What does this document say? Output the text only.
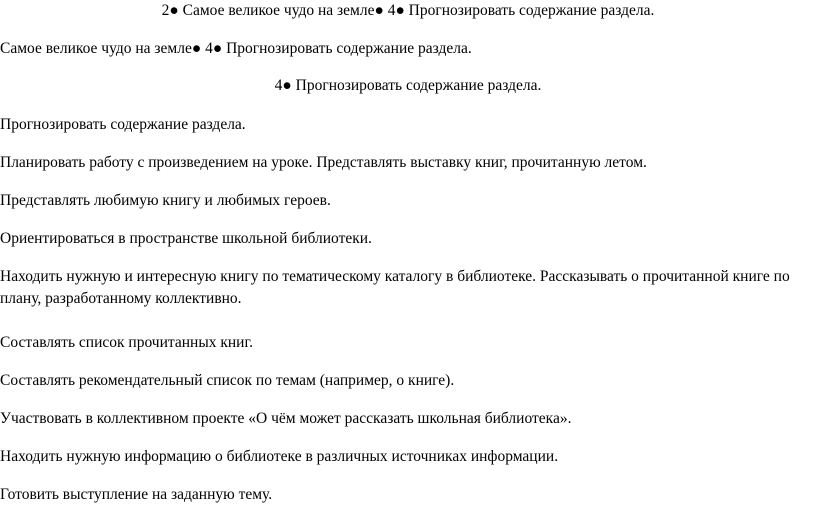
2● Самое великое чудо на земле● 4● Прогнозировать содержание раздела.
Самое великое чудо на земле● 4● Прогнозировать содержание раздела.
4● Прогнозировать содержание раздела.
Прогнозировать содержание раздела.
Планировать работу с произведением на уроке. Представлять выставку книг, прочитанную летом.
Представлять любимую книгу и любимых героев.
Ориентироваться в пространстве школьной библиотеки.
Находить нужную и интересную книгу по тематическому каталогу в библиотеке. Рассказывать о прочитанной книге по плану, разработанному коллективно.
Составлять список прочитанных книг.
Составлять рекомендательный список по темам (например, о книге).
Участвовать в коллективном проекте «О чём может рассказать школьная библиотека».
Находить нужную информацию о библиотеке в различных источниках информации.
Готовить выступление на заданную тему.
